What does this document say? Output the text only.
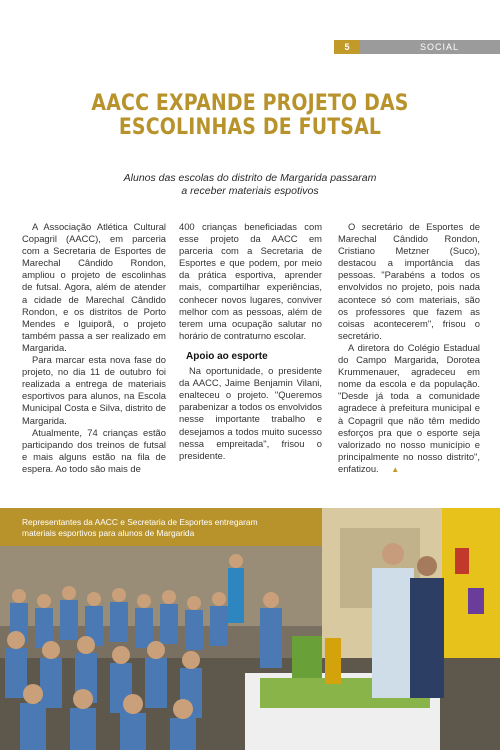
5	SOCIAL
AACC EXPANDE PROJETO DAS
ESCOLINHAS DE FUTSAL
Alunos das escolas do distrito de Margarida passaram
a receber materiais espotivos

A Associação Atlética Cultural Copagril (AACC), em parceria com a Secretaria de Esportes de Marechal Cândido Rondon, ampliou o projeto de escolinhas de futsal. Agora, além de atender a cidade de Marechal Cândido Rondon, e os distritos de Porto Mendes e Iguiporã, o projeto também passa a ser realizado em Margarida.

Para marcar esta nova fase do projeto, no dia 11 de outubro foi realizada a entrega de materiais esportivos para alunos, na Escola Municipal Costa e Silva, distrito de Margarida.

Atualmente, 74 crianças estão participando dos treinos de futsal e mais alguns estão na fila de espera. Ao todo são mais de

400 crianças beneficiadas com esse projeto da AACC em parceria com a Secretaria de Esportes e que podem, por meio da prática esportiva, aprender mais, compartilhar experiências, conhecer novos lugares, conviver melhor com as pessoas, além de terem uma ocupação salutar no horário de contraturno escolar.

Apoio ao esporte

Na oportunidade, o presidente da AACC, Jaime Benjamin Vilani, enalteceu o projeto. "Queremos parabenizar a todos os envolvidos nesse importante trabalho e desejamos a todos muito sucesso nessa empreitada", frisou o presidente.

O secretário de Esportes de Marechal Cândido Rondon, Cristiano Metzner (Suco), destacou a importância das pessoas. "Parabéns a todos os envolvidos no projeto, pois nada acontece só com materiais, são os professores que fazem as coisas acontecerem", frisou o secretário.

A diretora do Colégio Estadual do Campo Margarida, Dorotea Krummenauer, agradeceu em nome da escola e da população. "Desde já toda a comunidade agradece à prefeitura municipal e à Copagril que não têm medido esforços pra que o esporte seja valorizado no nosso município e principalmente no nosso distrito", enfatizou. ▲

Representantes da AACC e Secretaria de Esportes entregaram
materiais esportivos para alunos de Margarida
